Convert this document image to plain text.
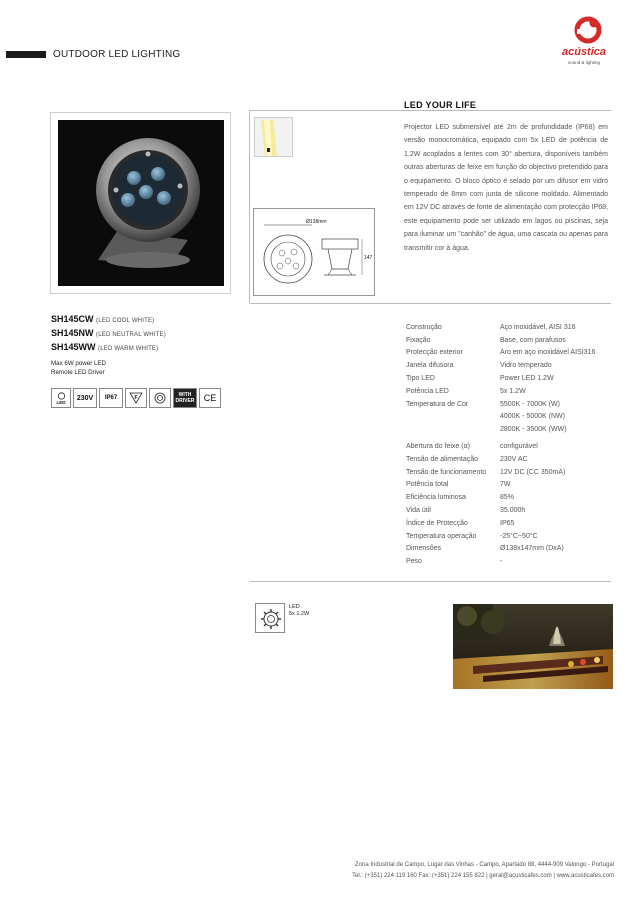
OUTDOOR LED LIGHTING	acústica
sound & lighting
Ø138mm
147
LED YOUR LIFE
Projector LED submersível até 2m de profundidade (IP68) em versão monocromática, equipado com 5x LED de potência de 1.2W acoplados a lentes com 30° abertura, disponíveis também outras aberturas de feixe em função do objectivo pretendido para o equipamento. O bloco óptico é selado por um difusor em vidro temperado de 8mm com junta de silicone moldado. Alimentado em 12V DC através de fonte de alimentação com protecção IP68, este equipamento pode ser utilizado em lagos ou piscinas, seja para iluminar um "canhão" de água, uma cascata ou apenas para transmitir cor à água.
SH145CW (LED COOL WHITE)
SH145NW (LED NEUTRAL WHITE)
SH145WW (LED WARM WHITE)
Max 6W power LED
Remote LED Driver
LED
230V	IP67	F	WITH
DRIVER	CE
Construção	Aço inoxidável, AISI 316
Fixação	Base, com parafusos
Protecção exterior	Aro em aço inoxidável AISI316
Janela difusora	Vidro temperado
Tipo LED	Power LED 1.2W
Potência LED	5x 1.2W
Temperatura de Cor	5500K - 7000K (W)
4000K - 5000K (NW)
2800K - 3500K (WW)
Abertura do feixe (α)	configurável
Tensão de alimentação	230V AC
Tensão de funcionamento	12V DC (CC 350mA)
Potência total	7W
Eficiência luminosa	85%
Vida útil	35.000h
Índice de Protecção	IP65
Temperatura operação	-25°C~50°C
Dimensões	Ø138x147mm (DxA)
Peso	-
LED
5x 1.2W
Zona Industrial de Campo, Lugar das Vinhas - Campo, Apartado 88, 4444-909 Valongo - Portugal
Tel.: (+351) 224 119 160 Fax: (+351) 224 155 822 | geral@acusticafes.com | www.acusticafes.com
